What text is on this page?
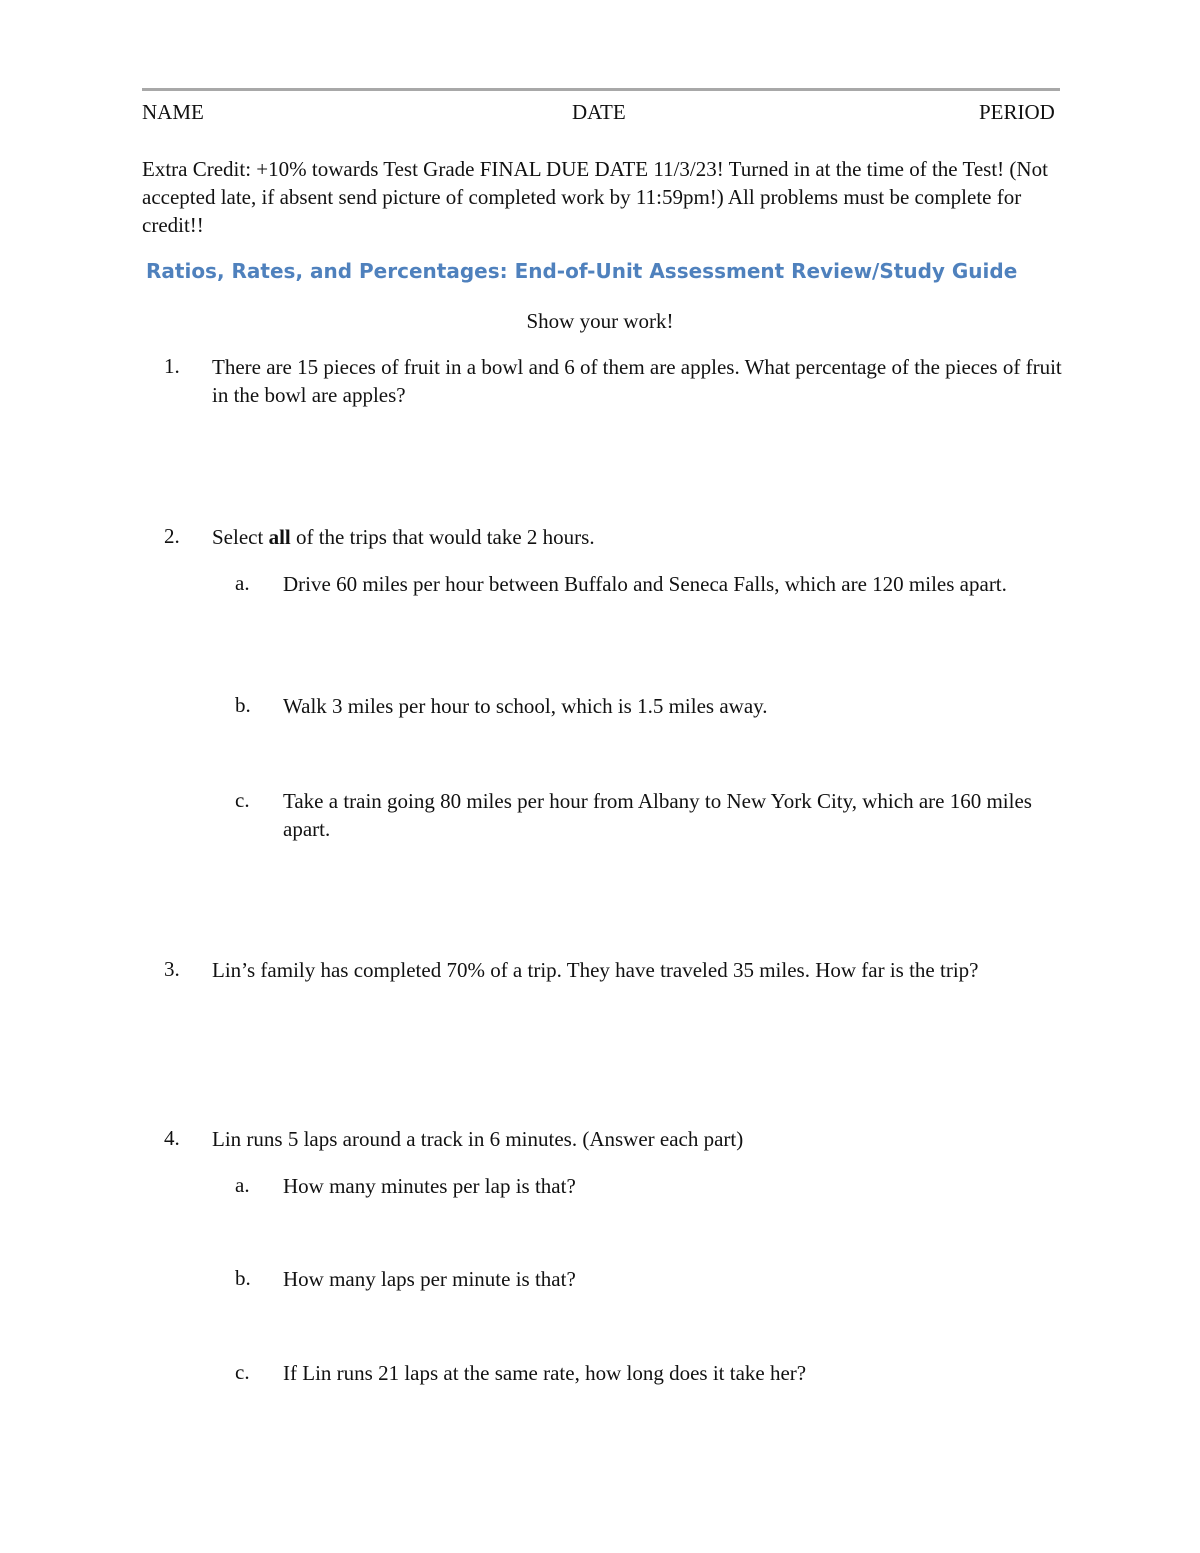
NAME	DATE	PERIOD
Extra Credit: +10% towards Test Grade FINAL DUE DATE 11/3/23! Turned in at the time of the Test! (Not accepted late, if absent send picture of completed work by 11:59pm!) All problems must be complete for credit!!
Ratios, Rates, and Percentages: End-of-Unit Assessment Review/Study Guide
Show your work!
1. There are 15 pieces of fruit in a bowl and 6 of them are apples. What percentage of the pieces of fruit in the bowl are apples?
2. Select all of the trips that would take 2 hours.
a. Drive 60 miles per hour between Buffalo and Seneca Falls, which are 120 miles apart.
b. Walk 3 miles per hour to school, which is 1.5 miles away.
c. Take a train going 80 miles per hour from Albany to New York City, which are 160 miles apart.
3. Lin’s family has completed 70% of a trip. They have traveled 35 miles. How far is the trip?
4. Lin runs 5 laps around a track in 6 minutes. (Answer each part)
a. How many minutes per lap is that?
b. How many laps per minute is that?
c. If Lin runs 21 laps at the same rate, how long does it take her?
